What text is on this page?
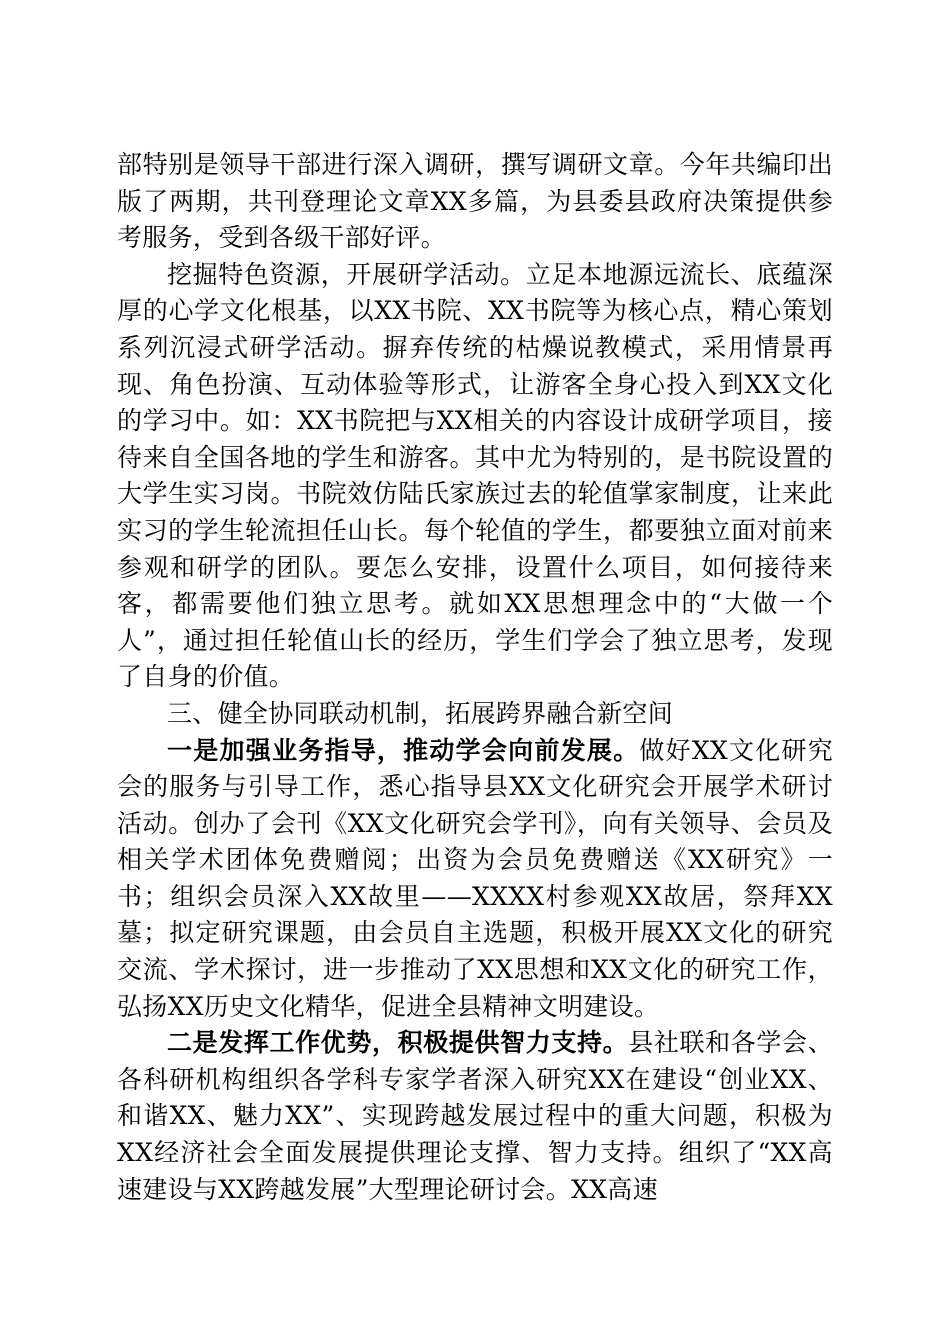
部特别是领导干部进行深入调研，撰写调研文章。今年共编印出版了两期，共刊登理论文章XX多篇，为县委县政府决策提供参考服务，受到各级干部好评。

挖掘特色资源，开展研学活动。立足本地源远流长、底蕴深厚的心学文化根基，以XX书院、XX书院等为核心点，精心策划系列沉浸式研学活动。摒弃传统的枯燥说教模式，采用情景再现、角色扮演、互动体验等形式，让游客全身心投入到XX文化的学习中。如：XX书院把与XX相关的内容设计成研学项目，接待来自全国各地的学生和游客。其中尤为特别的，是书院设置的大学生实习岗。书院效仿陆氏家族过去的轮值掌家制度，让来此实习的学生轮流担任山长。每个轮值的学生，都要独立面对前来参观和研学的团队。要怎么安排，设置什么项目，如何接待来客，都需要他们独立思考。就如XX思想理念中的“大做一个人”，通过担任轮值山长的经历，学生们学会了独立思考，发现了自身的价值。

三、健全协同联动机制，拓展跨界融合新空间

一是加强业务指导，推动学会向前发展。做好XX文化研究会的服务与引导工作，悉心指导县XX文化研究会开展学术研讨活动。创办了会刊《XX文化研究会学刊》，向有关领导、会员及相关学术团体免费赠阅；出资为会员免费赠送《XX研究》一书；组织会员深入XX故里——XXXX村参观XX故居，祭拜XX墓；拟定研究课题，由会员自主选题，积极开展XX文化的研究交流、学术探讨，进一步推动了XX思想和XX文化的研究工作，弘扬XX历史文化精华，促进全县精神文明建设。

二是发挥工作优势，积极提供智力支持。县社联和各学会、各科研机构组织各学科专家学者深入研究XX在建设“创业XX、和谐XX、魅力XX”、实现跨越发展过程中的重大问题，积极为XX经济社会全面发展提供理论支撑、智力支持。组织了“XX高速建设与XX跨越发展”大型理论研讨会。XX高速
